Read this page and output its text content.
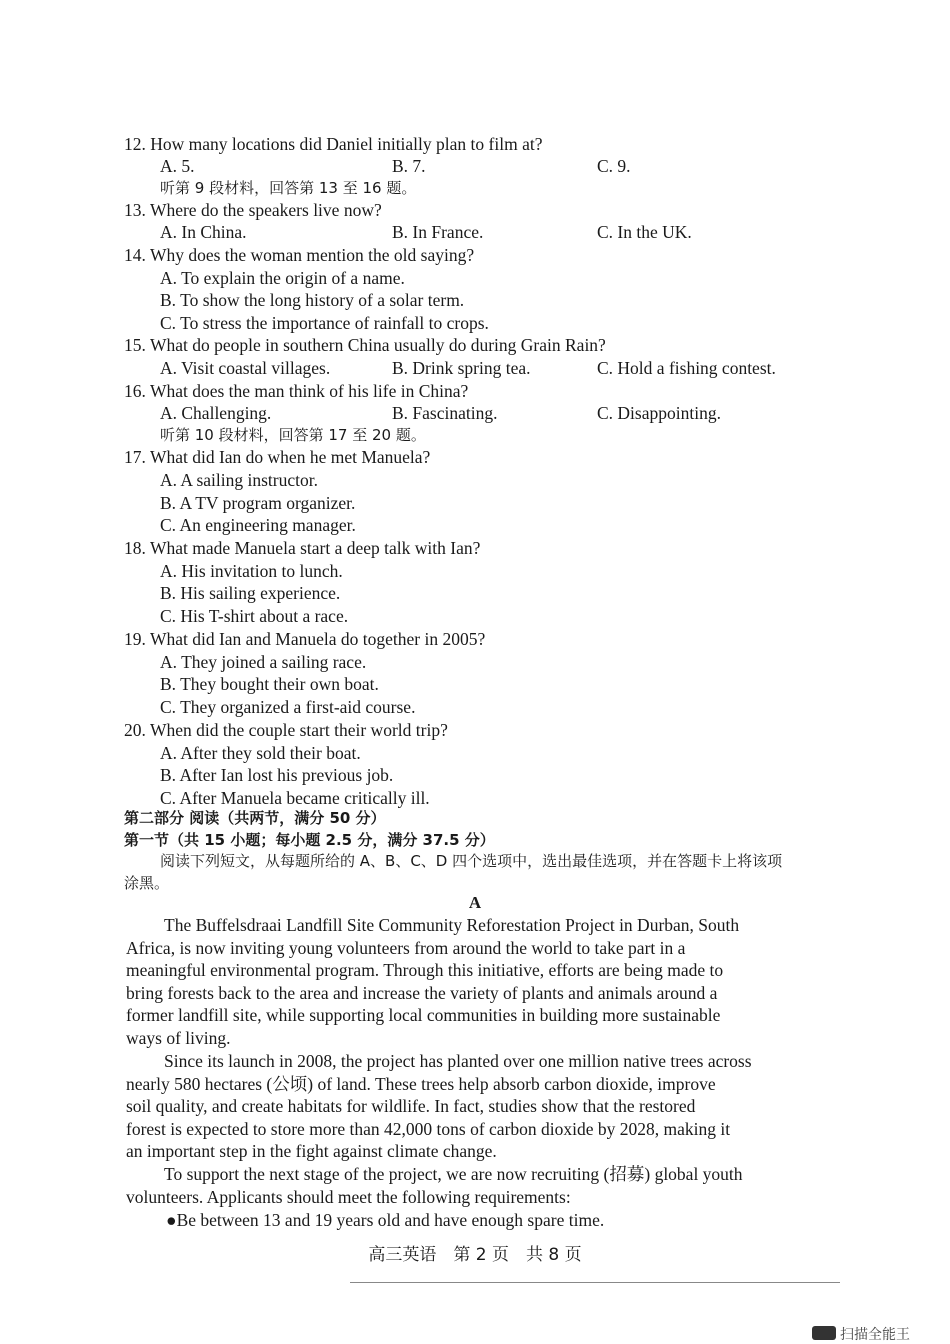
12. How many locations did Daniel initially plan to film at?
A. 5.	B. 7.	C. 9.
听第 9 段材料，回答第 13 至 16 题。
13. Where do the speakers live now?
A. In China.	B. In France.	C. In the UK.
14. Why does the woman mention the old saying?
A. To explain the origin of a name.
B. To show the long history of a solar term.
C. To stress the importance of rainfall to crops.
15. What do people in southern China usually do during Grain Rain?
A. Visit coastal villages.	B. Drink spring tea.	C. Hold a fishing contest.
16. What does the man think of his life in China?
A. Challenging.	B. Fascinating.	C. Disappointing.
听第 10 段材料，回答第 17 至 20 题。
17. What did Ian do when he met Manuela?
A. A sailing instructor.
B. A TV program organizer.
C. An engineering manager.
18. What made Manuela start a deep talk with Ian?
A. His invitation to lunch.
B. His sailing experience.
C. His T-shirt about a race.
19. What did Ian and Manuela do together in 2005?
A. They joined a sailing race.
B. They bought their own boat.
C. They organized a first-aid course.
20. When did the couple start their world trip?
A. After they sold their boat.
B. After Ian lost his previous job.
C. After Manuela became critically ill.
第二部分 阅读（共两节，满分 50 分）
第一节（共 15 小题；每小题 2.5 分，满分 37.5 分）
阅读下列短文，从每题所给的 A、B、C、D 四个选项中，选出最佳选项，并在答题卡上将该项
涂黑。
A
The Buffelsdraai Landfill Site Community Reforestation Project in Durban, South
Africa, is now inviting young volunteers from around the world to take part in a
meaningful environmental program. Through this initiative, efforts are being made to
bring forests back to the area and increase the variety of plants and animals around a
former landfill site, while supporting local communities in building more sustainable
ways of living.
Since its launch in 2008, the project has planted over one million native trees across
nearly 580 hectares (公顷) of land. These trees help absorb carbon dioxide, improve
soil quality, and create habitats for wildlife. In fact, studies show that the restored
forest is expected to store more than 42,000 tons of carbon dioxide by 2028, making it
an important step in the fight against climate change.
To support the next stage of the project, we are now recruiting (招募) global youth
volunteers. Applicants should meet the following requirements:
●Be between 13 and 19 years old and have enough spare time.
高三英语　第 2 页　共 8 页
扫描全能王
